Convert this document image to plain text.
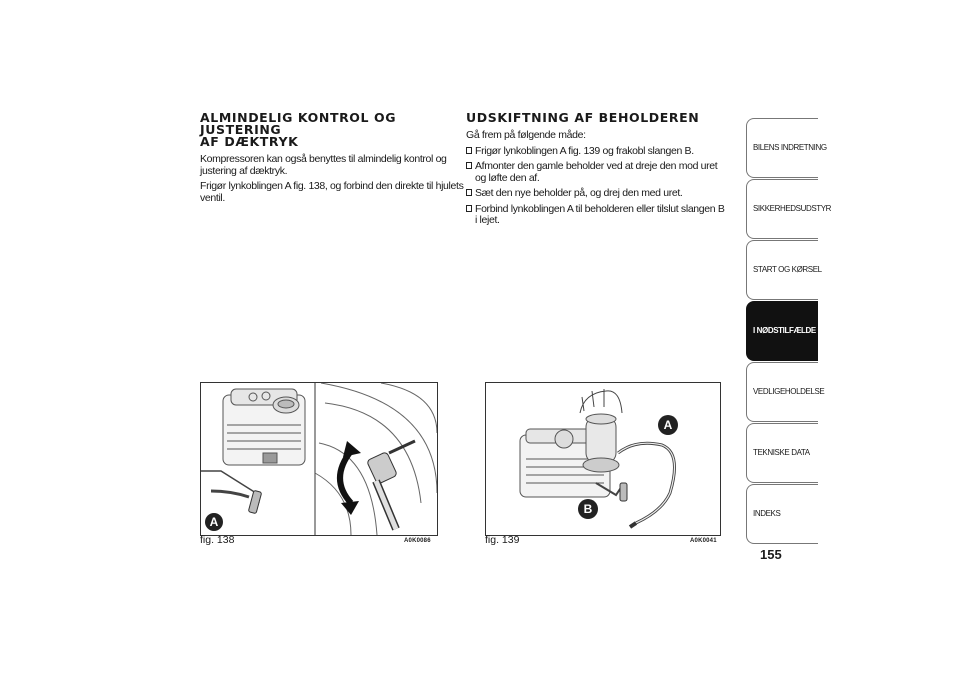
ALMINDELIG KONTROL OG JUSTERING
AF DÆKTRYK

Kompressoren kan også benyttes til almindelig kontrol og justering af dæktryk.

Frigør lynkoblingen A fig. 138, og forbind den direkte til hjulets ventil.

UDSKIFTNING AF BEHOLDEREN

Gå frem på følgende måde:

Frigør lynkoblingen A fig. 139 og frakobl slangen B.
Afmonter den gamle beholder ved at dreje den mod uret og løfte den af.
Sæt den nye beholder på, og drej den med uret.
Forbind lynkoblingen A til beholderen eller tilslut slangen B i lejet.
A
fig. 138	A0K0086
A
B
fig. 139	A0K0041
BILENS INDRETNING
SIKKERHEDSUDSTYR
START OG KØRSEL
I NØDSTILFÆLDE
VEDLIGEHOLDELSE
TEKNISKE DATA
INDEKS
155
